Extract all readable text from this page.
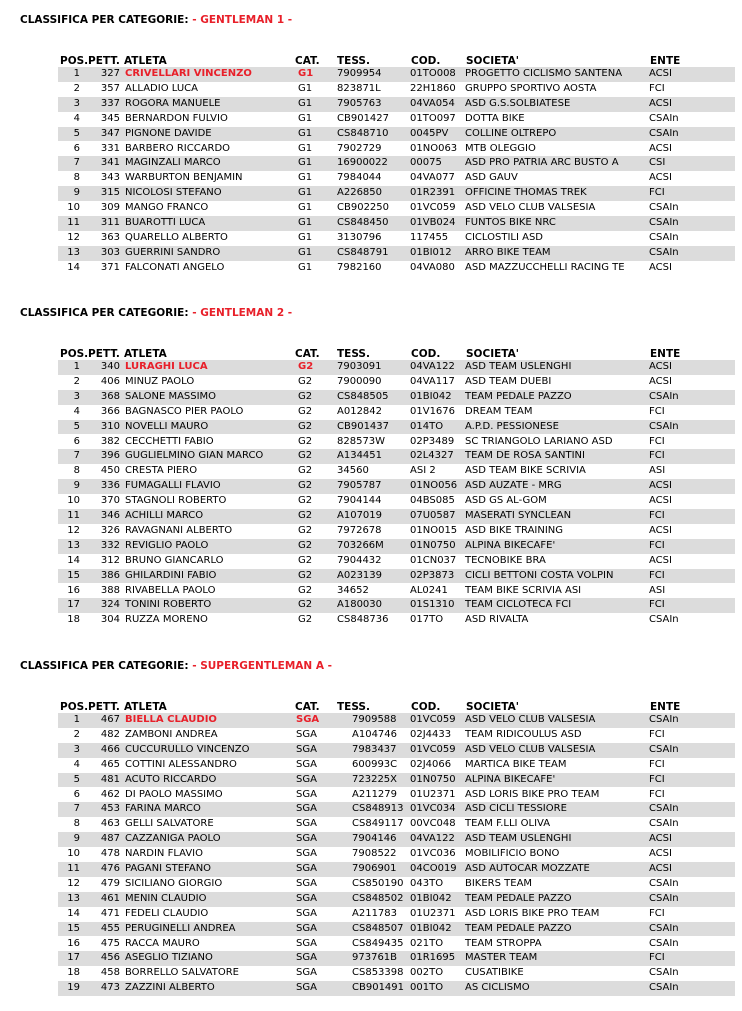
CLASSIFICA PER CATEGORIE: - GENTLEMAN 1 -
POS. PETT. ATLETA	CAT. TESS.	COD. SOCIETA'	ENTE
1	327 CRIVELLARI VINCENZO	G1 7909954	01TO008 PROGETTO CICLISMO SANTENA	ACSI
2	357 ALLADIO LUCA	G1 823871L	22H1860 GRUPPO SPORTIVO AOSTA	FCI
3	337 ROGORA MANUELE	G1 7905763	04VA054 ASD G.S.SOLBIATESE	ACSI
4	345 BERNARDON FULVIO	G1 CB901427 01TO097 DOTTA BIKE	CSAIn
5	347 PIGNONE DAVIDE	G1 CS848710 0045PV COLLINE OLTREPO	CSAIn
6	331 BARBERO RICCARDO	G1 7902729	01NO063 MTB OLEGGIO	ACSI
7	341 MAGINZALI MARCO	G1 16900022 00075 ASD PRO PATRIA ARC BUSTO A	CSI
8	343 WARBURTON BENJAMIN	G1 7984044	04VA077 ASD GAUV	ACSI
9	315 NICOLOSI STEFANO	G1 A226850	01R2391 OFFICINE THOMAS TREK	FCI
10	309 MANGO FRANCO	G1 CB902250 01VC059 ASD VELO CLUB VALSESIA	CSAIn
11	311 BUAROTTI LUCA	G1 CS848450 01VB024 FUNTOS BIKE NRC	CSAIn
12	363 QUARELLO ALBERTO	G1 3130796	117455 CICLOSTILI ASD	CSAIn
13	303 GUERRINI SANDRO	G1 CS848791 01BI012 ARRO BIKE TEAM	CSAIn
14	371 FALCONATI ANGELO	G1 7982160	04VA080 ASD MAZZUCCHELLI RACING TE ACSI
CLASSIFICA PER CATEGORIE: - GENTLEMAN 2 -
POS. PETT. ATLETA	CAT. TESS.	COD. SOCIETA'	ENTE
1	340 LURAGHI LUCA	G2 7903091	04VA122 ASD TEAM USLENGHI	ACSI
2	406 MINUZ PAOLO	G2 7900090	04VA117 ASD TEAM DUEBI	ACSI
3	368 SALONE MASSIMO	G2 CS848505 01BI042 TEAM PEDALE PAZZO	CSAIn
4	366 BAGNASCO PIER PAOLO	G2 A012842	01V1676 DREAM TEAM	FCI
5	310 NOVELLI MAURO	G2 CB901437 014TO A.P.D. PESSIONESE	CSAIn
6	382 CECCHETTI FABIO	G2 828573W 02P3489 SC TRIANGOLO LARIANO ASD	FCI
7	396 GUGLIELMINO GIAN MARCO	G2 A134451	02L4327 TEAM DE ROSA SANTINI	FCI
8	450 CRESTA PIERO	G2 34560	ASI 2	ASD TEAM BIKE SCRIVIA	ASI
9	336 FUMAGALLI FLAVIO	G2 7905787	01NO056 ASD AUZATE - MRG	ACSI
10	370 STAGNOLI ROBERTO	G2 7904144	04BS085 ASD GS AL-GOM	ACSI
11	346 ACHILLI MARCO	G2 A107019	07U0587 MASERATI SYNCLEAN	FCI
12	326 RAVAGNANI ALBERTO	G2 7972678	01NO015 ASD BIKE TRAINING	ACSI
13	332 REVIGLIO PAOLO	G2 703266M	01N0750 ALPINA BIKECAFE'	FCI
14	312 BRUNO GIANCARLO	G2 7904432	01CN037 TECNOBIKE BRA	ACSI
15	386 GHILARDINI FABIO	G2 A023139	02P3873 CICLI BETTONI COSTA VOLPIN	FCI
16	388 RIVABELLA PAOLO	G2 34652	AL0241 TEAM BIKE SCRIVIA ASI	ASI
17	324 TONINI ROBERTO	G2 A180030	01S1310 TEAM CICLOTECA FCI	FCI
18	304 RUZZA MORENO	G2 CS848736 017TO ASD RIVALTA	CSAIn
CLASSIFICA PER CATEGORIE: - SUPERGENTLEMAN A -
POS. PETT. ATLETA	CAT. TESS.	COD. SOCIETA'	ENTE
1	467 BIELLA CLAUDIO	SGA	7909588 01VC059 ASD VELO CLUB VALSESIA	CSAIn
2	482 ZAMBONI ANDREA	SGA	A104746 02J4433 TEAM RIDICOULUS ASD	FCI
3	466 CUCCURULLO VINCENZO	SGA	7983437 01VC059 ASD VELO CLUB VALSESIA	CSAIn
4	465 COTTINI ALESSANDRO	SGA	600993C 02J4066 MARTICA BIKE TEAM	FCI
5	481 ACUTO RICCARDO	SGA	723225X 01N0750 ALPINA BIKECAFE'	FCI
6	462 DI PAOLO MASSIMO	SGA	A211279 01U2371 ASD LORIS BIKE PRO TEAM	FCI
7	453 FARINA MARCO	SGA	CS848913 01VC034 ASD CICLI TESSIORE	CSAIn
8	463 GELLI SALVATORE	SGA	CS849117 00VC048 TEAM F.LLI OLIVA	CSAIn
9	487 CAZZANIGA PAOLO	SGA	7904146 04VA122 ASD TEAM USLENGHI	ACSI
10	478 NARDIN FLAVIO	SGA	7908522 01VC036 MOBILIFICIO BONO	ACSI
11	476 PAGANI STEFANO	SGA	7906901 04CO019 ASD AUTOCAR MOZZATE	ACSI
12	479 SICILIANO GIORGIO	SGA	CS850190 043TO BIKERS TEAM	CSAIn
13	461 MENIN CLAUDIO	SGA	CS848502 01BI042 TEAM PEDALE PAZZO	CSAIn
14	471 FEDELI CLAUDIO	SGA	A211783 01U2371 ASD LORIS BIKE PRO TEAM	FCI
15	455 PERUGINELLI ANDREA	SGA	CS848507 01BI042 TEAM PEDALE PAZZO	CSAIn
16	475 RACCA MAURO	SGA	CS849435 021TO TEAM STROPPA	CSAIn
17	456 ASEGLIO TIZIANO	SGA	973761B 01R1695 MASTER TEAM	FCI
18	458 BORRELLO SALVATORE	SGA	CS853398 002TO CUSATIBIKE	CSAIn
19	473 ZAZZINI ALBERTO	SGA	CB901491 001TO AS CICLISMO	CSAIn
